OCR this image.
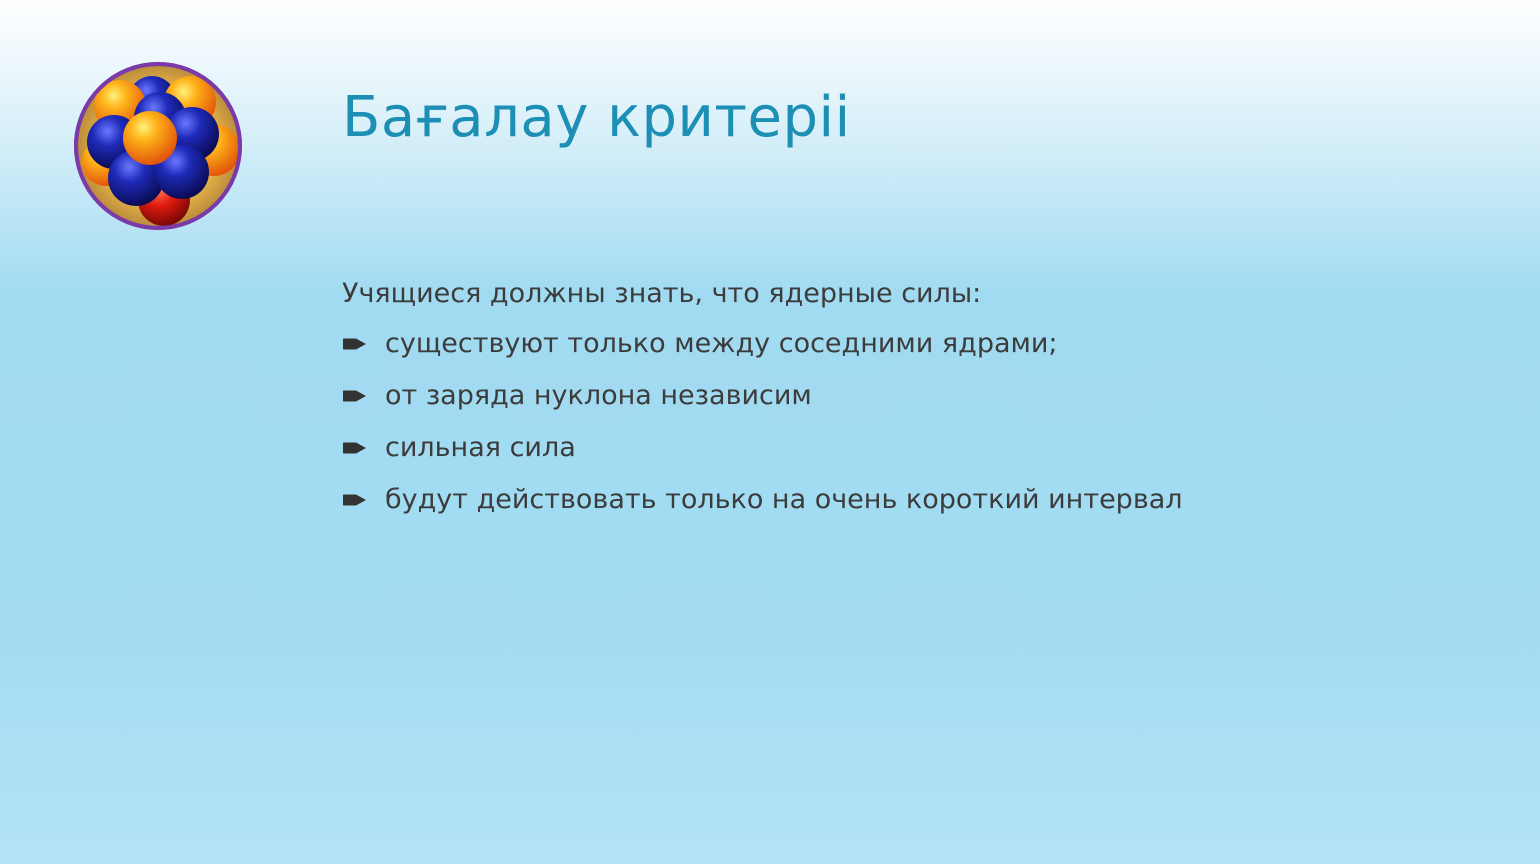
Бағалау критерii

Учящиеся должны знать, что ядерные силы:

существуют только между соседними ядрами;
от заряда нуклона независим
сильная сила
будут действовать только на очень короткий интервал
